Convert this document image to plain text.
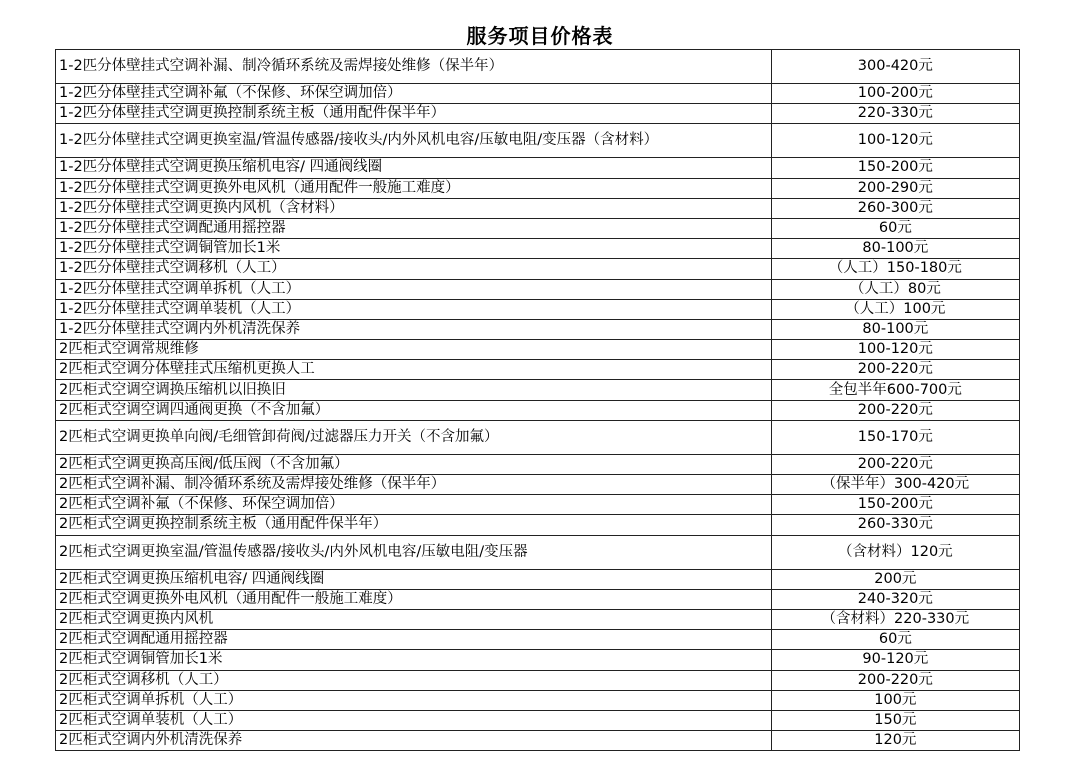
服务项目价格表
1-2匹分体壁挂式空调补漏、制冷循环系统及需焊接处维修（保半年）	300-420元
1-2匹分体壁挂式空调补氟（不保修、环保空调加倍）	100-200元
1-2匹分体壁挂式空调更换控制系统主板（通用配件保半年）	220-330元
1-2匹分体壁挂式空调更换室温/管温传感器/接收头/内外风机电容/压敏电阻/变压器（含材料）	100-120元
1-2匹分体壁挂式空调更换压缩机电容/ 四通阀线圈	150-200元
1-2匹分体壁挂式空调更换外电风机（通用配件一般施工难度）	200-290元
1-2匹分体壁挂式空调更换内风机（含材料）	260-300元
1-2匹分体壁挂式空调配通用摇控器	60元
1-2匹分体壁挂式空调铜管加长1米	80-100元
1-2匹分体壁挂式空调移机（人工）	（人工）150-180元
1-2匹分体壁挂式空调单拆机（人工）	（人工）80元
1-2匹分体壁挂式空调单装机（人工）	（人工）100元
1-2匹分体壁挂式空调内外机清洗保养	80-100元
2匹柜式空调常规维修	100-120元
2匹柜式空调分体壁挂式压缩机更换人工	200-220元
2匹柜式空调空调换压缩机以旧换旧	全包半年600-700元
2匹柜式空调空调四通阀更换（不含加氟）	200-220元
2匹柜式空调更换单向阀/毛细管卸荷阀/过滤器压力开关（不含加氟）	150-170元
2匹柜式空调更换高压阀/低压阀（不含加氟）	200-220元
2匹柜式空调补漏、制冷循环系统及需焊接处维修（保半年）	（保半年）300-420元
2匹柜式空调补氟（不保修、环保空调加倍）	150-200元
2匹柜式空调更换控制系统主板（通用配件保半年）	260-330元
2匹柜式空调更换室温/管温传感器/接收头/内外风机电容/压敏电阻/变压器	（含材料）120元
2匹柜式空调更换压缩机电容/ 四通阀线圈	200元
2匹柜式空调更换外电风机（通用配件一般施工难度）	240-320元
2匹柜式空调更换内风机	（含材料）220-330元
2匹柜式空调配通用摇控器	60元
2匹柜式空调铜管加长1米	90-120元
2匹柜式空调移机（人工）	200-220元
2匹柜式空调单拆机（人工）	100元
2匹柜式空调单装机（人工）	150元
2匹柜式空调内外机清洗保养	120元
